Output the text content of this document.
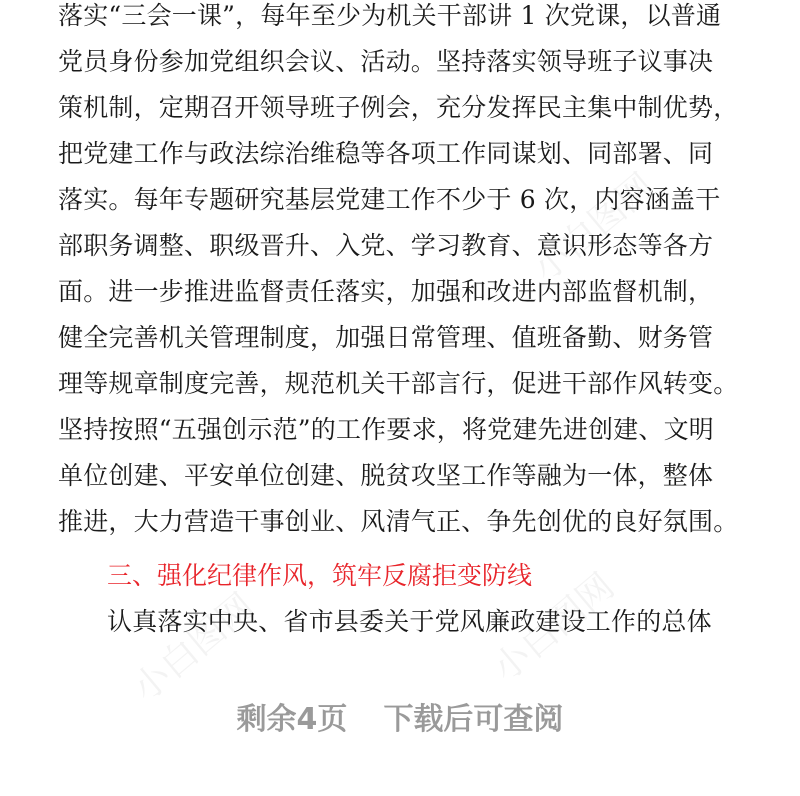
小白图网
小白图网
小白图网
落实“三会一课”，每年至少为机关干部讲 1 次党课，以普通
党员身份参加党组织会议、活动。坚持落实领导班子议事决
策机制，定期召开领导班子例会，充分发挥民主集中制优势，
把党建工作与政法综治维稳等各项工作同谋划、同部署、同
落实。每年专题研究基层党建工作不少于 6 次，内容涵盖干
部职务调整、职级晋升、入党、学习教育、意识形态等各方
面。进一步推进监督责任落实，加强和改进内部监督机制，
健全完善机关管理制度，加强日常管理、值班备勤、财务管
理等规章制度完善，规范机关干部言行，促进干部作风转变。
坚持按照“五强创示范”的工作要求，将党建先进创建、文明
单位创建、平安单位创建、脱贫攻坚工作等融为一体，整体
推进，大力营造干事创业、风清气正、争先创优的良好氛围。
三、强化纪律作风，筑牢反腐拒变防线
认真落实中央、省市县委关于党风廉政建设工作的总体
剩余4页 下载后可查阅
